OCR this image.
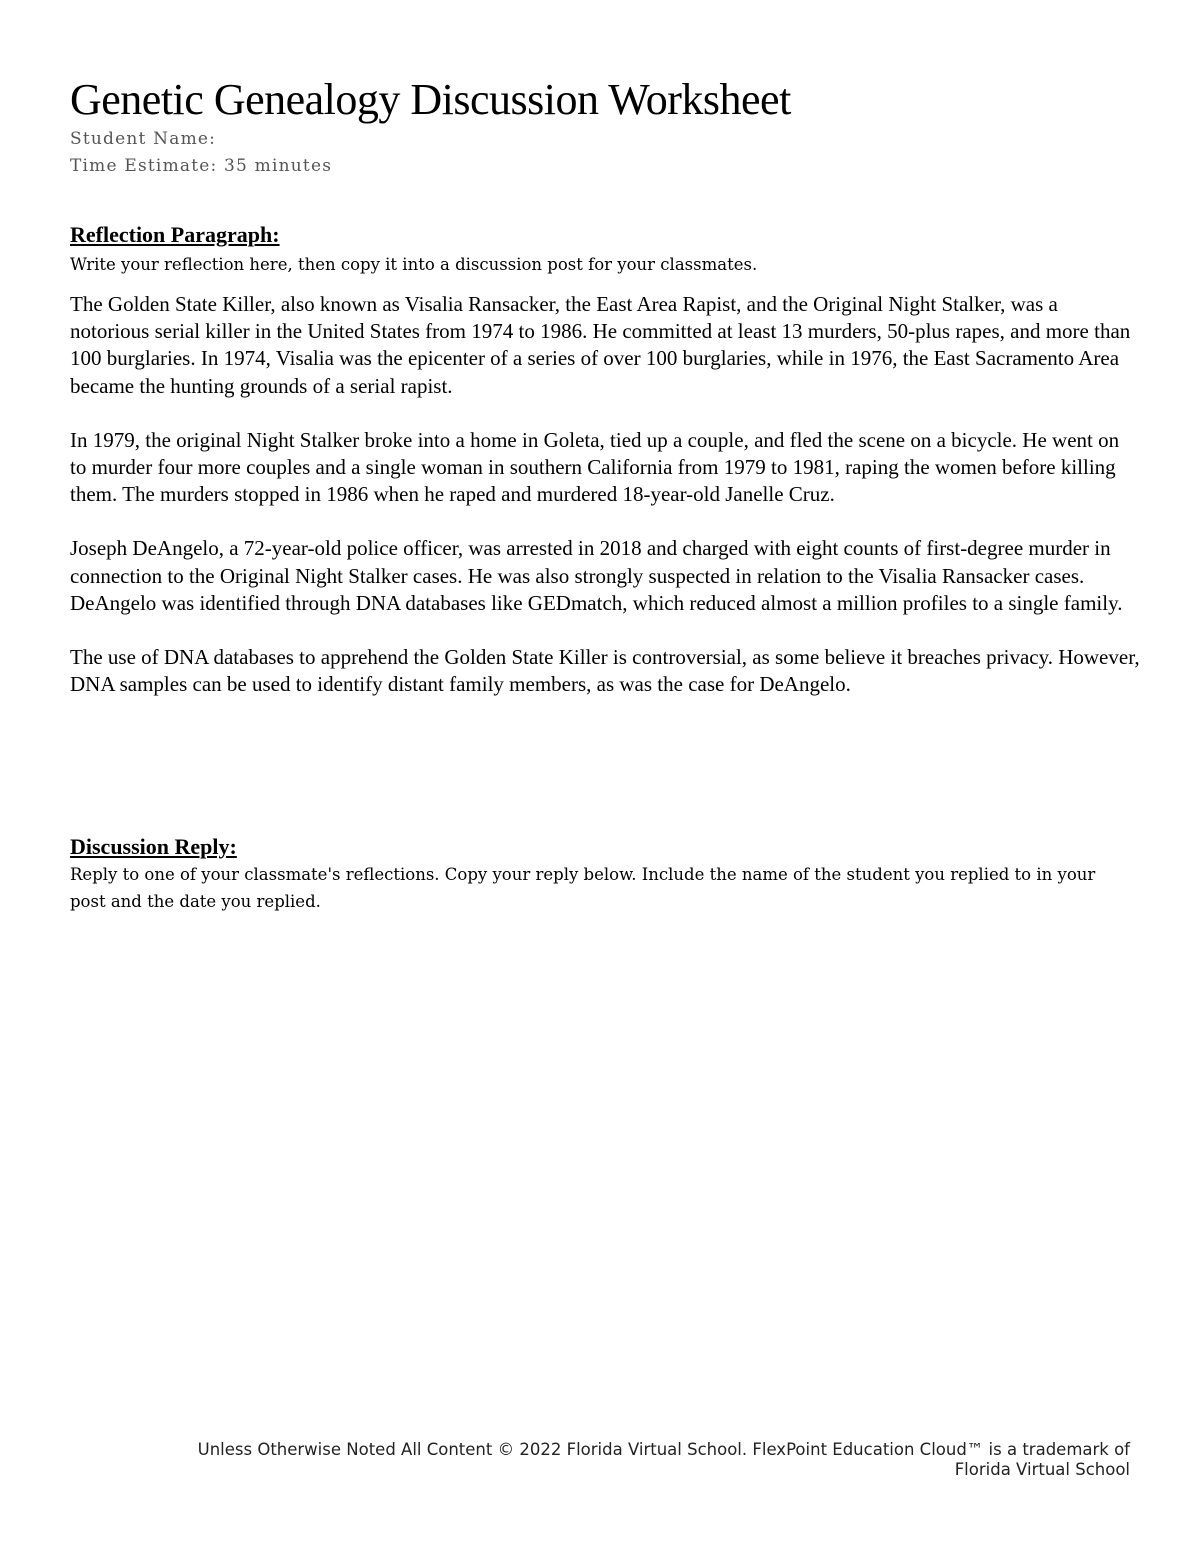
Genetic Genealogy Discussion Worksheet
Student Name:
Time Estimate: 35 minutes
Reflection Paragraph:

Write your reflection here, then copy it into a discussion post for your classmates.

The Golden State Killer, also known as Visalia Ransacker, the East Area Rapist, and the Original Night Stalker, was a notorious serial killer in the United States from 1974 to 1986. He committed at least 13 murders, 50-plus rapes, and more than 100 burglaries. In 1974, Visalia was the epicenter of a series of over 100 burglaries, while in 1976, the East Sacramento Area became the hunting grounds of a serial rapist.

In 1979, the original Night Stalker broke into a home in Goleta, tied up a couple, and fled the scene on a bicycle. He went on to murder four more couples and a single woman in southern California from 1979 to 1981, raping the women before killing them. The murders stopped in 1986 when he raped and murdered 18-year-old Janelle Cruz.

Joseph DeAngelo, a 72-year-old police officer, was arrested in 2018 and charged with eight counts of first-degree murder in connection to the Original Night Stalker cases. He was also strongly suspected in relation to the Visalia Ransacker cases. DeAngelo was identified through DNA databases like GEDmatch, which reduced almost a million profiles to a single family.

The use of DNA databases to apprehend the Golden State Killer is controversial, as some believe it breaches privacy. However, DNA samples can be used to identify distant family members, as was the case for DeAngelo.

Discussion Reply:

Reply to one of your classmate's reflections. Copy your reply below. Include the name of the student you replied to in your post and the date you replied.

Unless Otherwise Noted All Content © 2022 Florida Virtual School. FlexPoint Education Cloud™ is a trademark of
Florida Virtual School
